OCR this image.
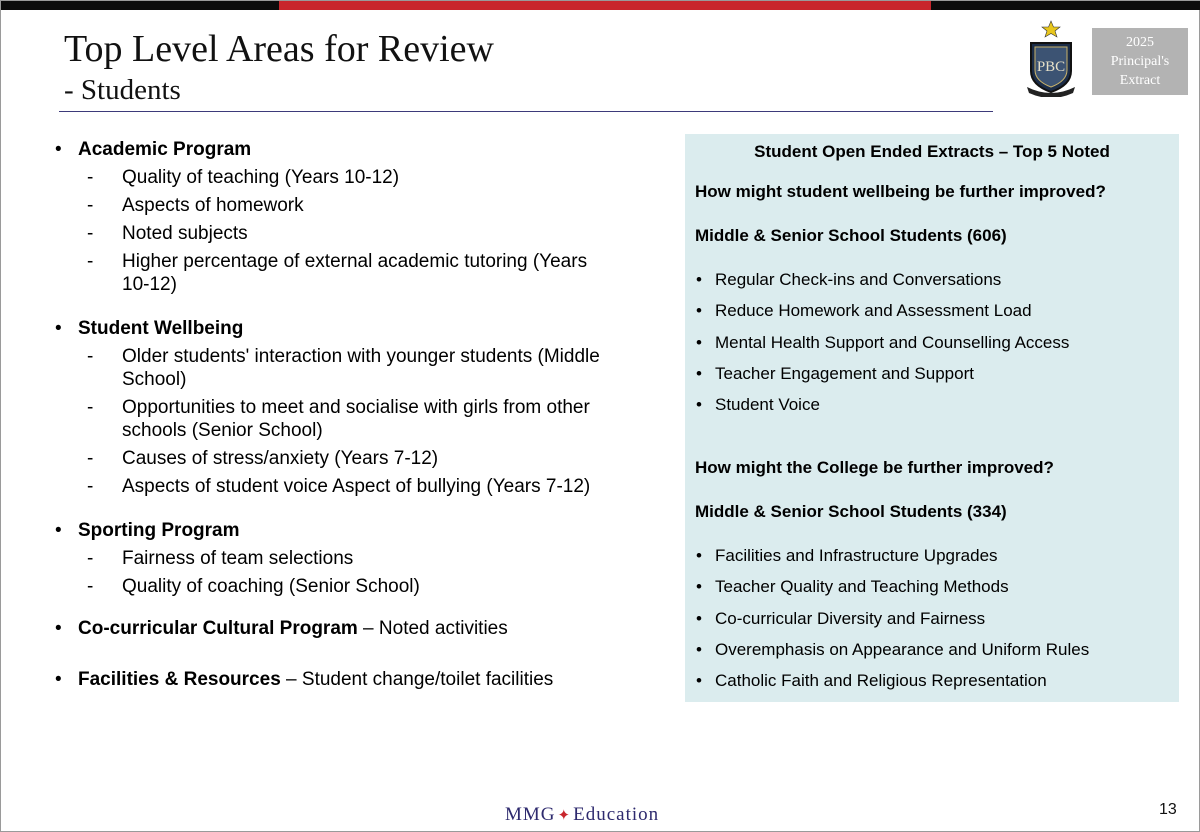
Top Level Areas for Review
- Students
PBC
2025
Principal's
Extract
• Academic Program
- Quality of teaching (Years 10-12)
- Aspects of homework
- Noted subjects
- Higher percentage of external academic tutoring (Years 10-12)
• Student Wellbeing
- Older students' interaction with younger students (Middle School)
- Opportunities to meet and socialise with girls from other schools (Senior School)
- Causes of stress/anxiety (Years 7-12)
- Aspects of student voice Aspect of bullying (Years 7-12)
• Sporting Program
- Fairness of team selections
- Quality of coaching (Senior School)
• Co-curricular Cultural Program – Noted activities
• Facilities & Resources – Student change/toilet facilities
Student Open Ended Extracts – Top 5 Noted
How might student wellbeing be further improved?
Middle & Senior School Students (606)
• Regular Check-ins and Conversations
• Reduce Homework and Assessment Load
• Mental Health Support and Counselling Access
• Teacher Engagement and Support
• Student Voice
How might the College be further improved?
Middle & Senior School Students (334)
• Facilities and Infrastructure Upgrades
• Teacher Quality and Teaching Methods
• Co-curricular Diversity and Fairness
• Overemphasis on Appearance and Uniform Rules
• Catholic Faith and Religious Representation
MMG ✦ Education	13
